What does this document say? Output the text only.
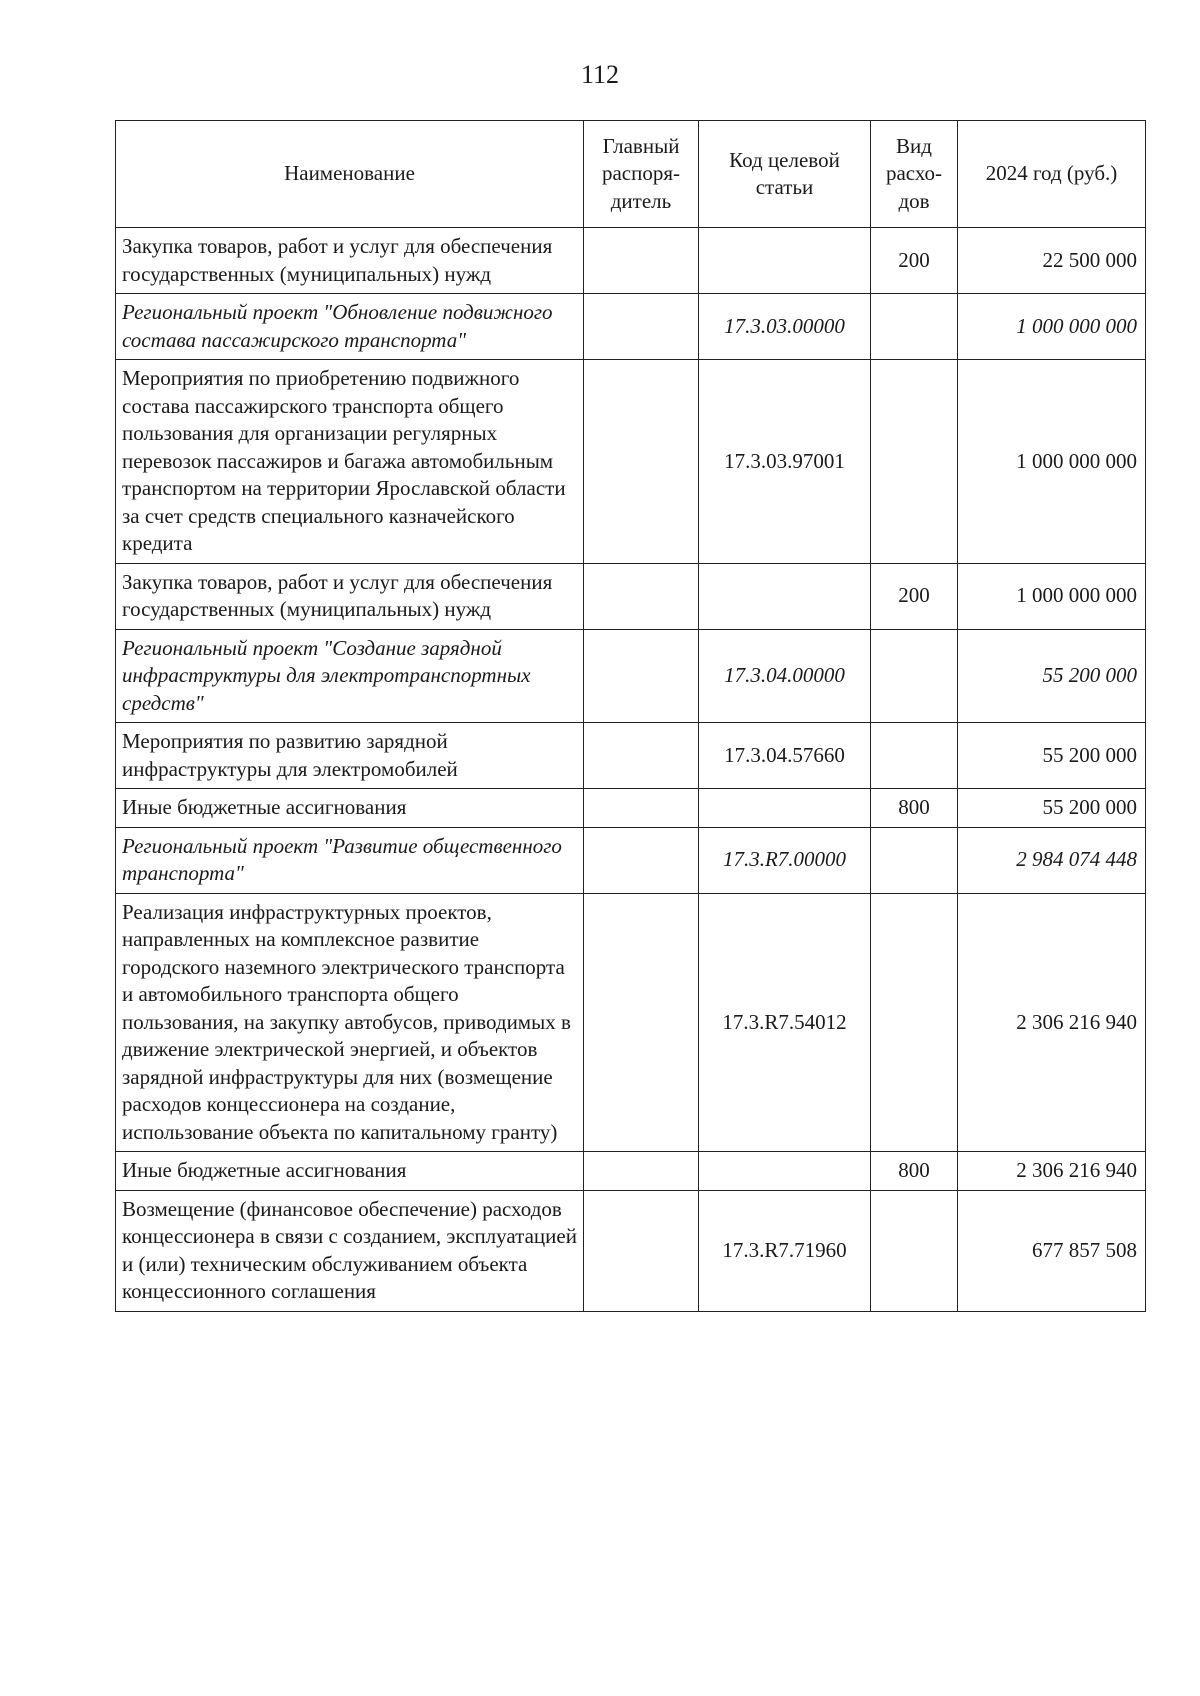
112
Наименование	Главный распоря-дитель	Код целевой статьи	Вид расхо-дов	2024 год (руб.)
Закупка товаров, работ и услуг для обеспечения государственных (муниципальных) нужд			200	22 500 000
Региональный проект "Обновление подвижного состава пассажирского транспорта"		17.3.03.00000		1 000 000 000
Мероприятия по приобретению подвижного состава пассажирского транспорта общего пользования для организации регулярных перевозок пассажиров и багажа автомобильным транспортом на территории Ярославской области за счет средств специального казначейского кредита		17.3.03.97001		1 000 000 000
Закупка товаров, работ и услуг для обеспечения государственных (муниципальных) нужд			200	1 000 000 000
Региональный проект "Создание зарядной инфраструктуры для электротранспортных средств"		17.3.04.00000		55 200 000
Мероприятия по развитию зарядной инфраструктуры для электромобилей		17.3.04.57660		55 200 000
Иные бюджетные ассигнования			800	55 200 000
Региональный проект "Развитие общественного транспорта"		17.3.R7.00000		2 984 074 448
Реализация инфраструктурных проектов, направленных на комплексное развитие городского наземного электрического транспорта и автомобильного транспорта общего пользования, на закупку автобусов, приводимых в движение электрической энергией, и объектов зарядной инфраструктуры для них (возмещение расходов концессионера на создание, использование объекта по капитальному гранту)		17.3.R7.54012		2 306 216 940
Иные бюджетные ассигнования			800	2 306 216 940
Возмещение (финансовое обеспечение) расходов концессионера в связи с созданием, эксплуатацией и (или) техническим обслуживанием объекта концессионного соглашения		17.3.R7.71960		677 857 508
